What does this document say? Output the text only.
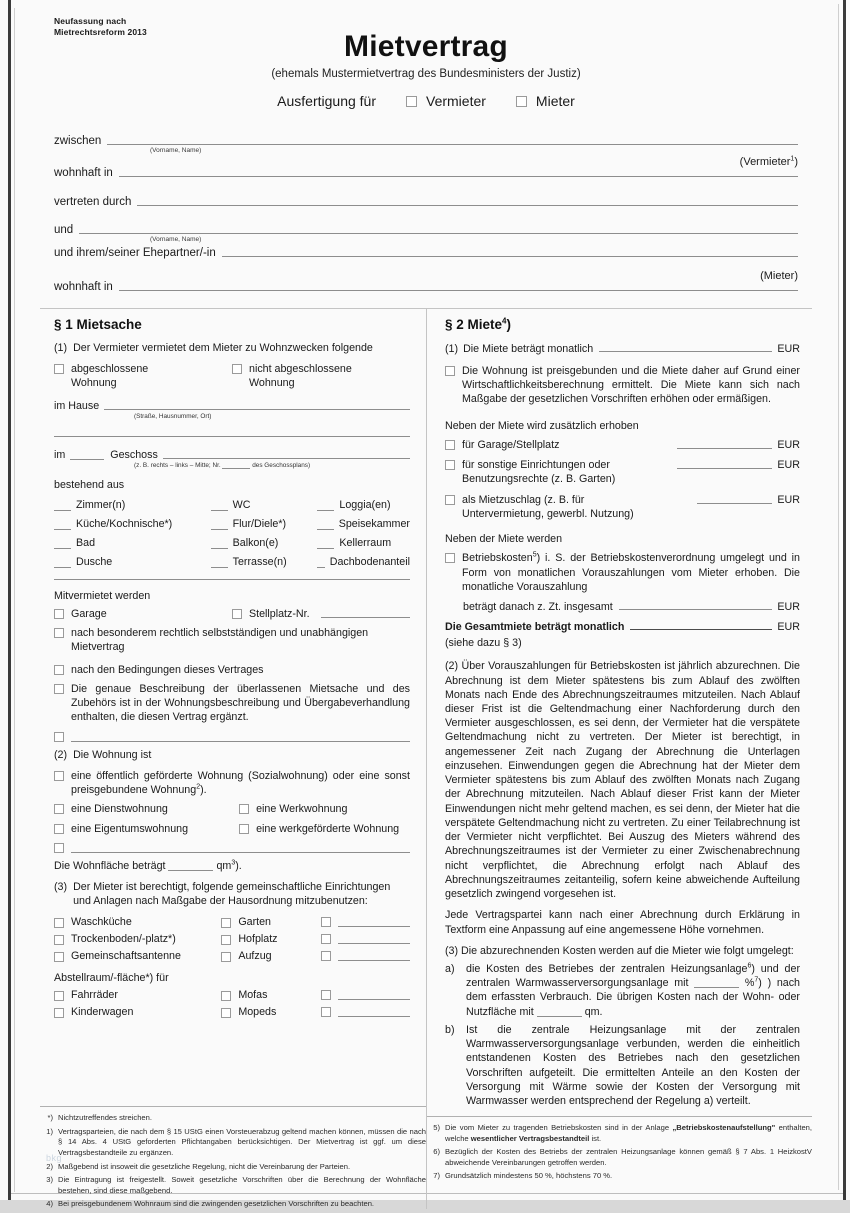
Neufassung nach
Mietrechtsreform 2013	Mietvertrag
(ehemals Mustermietvertrag des Bundesministers der Justiz)
Ausfertigung für	Vermieter	Mieter
zwischen
(Vorname, Name)
(Vermieter$^1$)
wohnhaft in
vertreten durch
und
(Vorname, Name)
und ihrem/seiner Ehepartner/-in
(Mieter)
wohnhaft in
§ 1 Mietsache
(1) Der Vermieter vermietet dem Mieter zu Wohnzwecken folgende
abgeschlossene
Wohnung
nicht abgeschlossene
Wohnung
im Hause
(Straße, Hausnummer, Ort)
im	Geschoss
(z. B. rechts – links – Mitte; Nr.	des Geschossplans)
bestehend aus
Zimmer(n)	WC	Loggia(en)
Küche/Kochnische*)	Flur/Diele*)	Speisekammer
Bad	Balkon(e)	Kellerraum
Dusche	Terrasse(n)	Dachbodenanteil
Mitvermietet werden
Garage	Stellplatz-Nr.
nach besonderem rechtlich selbstständigen und unabhängigen Mietvertrag
nach den Bedingungen dieses Vertrages
Die genaue Beschreibung der überlassenen Mietsache und des Zubehörs ist in der Wohnungsbeschreibung und Übergabeverhandlung enthalten, die diesen Vertrag ergänzt.
(2) Die Wohnung ist
eine öffentlich geförderte Wohnung (Sozialwohnung) oder eine sonst preisgebundene Wohnung$^2$).
eine Dienstwohnung	eine Werkwohnung
eine Eigentumswohnung	eine werkgeförderte Wohnung
Die Wohnfläche beträgt	$qm^3$).
(3) Der Mieter ist berechtigt, folgende gemeinschaftliche Einrichtungen und Anlagen nach Maßgabe der Hausordnung mitzubenutzen:
Waschküche	Garten
Trockenboden/-platz*)	Hofplatz
Gemeinschaftsantenne	Aufzug
Abstellraum/-fläche*) für
Fahrräder	Mofas
Kinderwagen	Mopeds
*) Nichtzutreffendes streichen.
1) Vertragsparteien, die nach dem § 15 UStG einen Vorsteuerabzug geltend machen können, müssen die nach § 14 Abs. 4 UStG geforderten Pflichtangaben berücksichtigen. Der Mietvertrag ist ggf. um diese Vertragsbestandteile zu ergänzen.
2) Maßgebend ist insoweit die gesetzliche Regelung, nicht die Vereinbarung der Parteien.
3) Die Eintragung ist freigestellt. Soweit gesetzliche Vorschriften über die Berechnung der Wohnfläche bestehen, sind diese maßgebend.
4) Bei preisgebundenem Wohnraum sind die zwingenden gesetzlichen Vorschriften zu beachten.
bkg
§ 2 Miete$^4$)
(1) Die Miete beträgt monatlich	EUR
Die Wohnung ist preisgebunden und die Miete daher auf Grund einer Wirtschaftlichkeitsberechnung ermittelt. Die Miete kann sich nach Maßgabe der gesetzlichen Vorschriften erhöhen oder ermäßigen.
Neben der Miete wird zusätzlich erhoben
für Garage/Stellplatz	EUR
für sonstige Einrichtungen oder
Benutzungsrechte (z. B. Garten)
EUR
als Mietzuschlag (z. B. für
Untervermietung, gewerbl. Nutzung)
EUR
Neben der Miete werden
Betriebskosten$^5$) i. S. der Betriebskostenverordnung umgelegt und in Form von monatlichen Vorauszahlungen vom Mieter erhoben. Die monatliche Vorauszahlung
beträgt danach z. Zt. insgesamt	EUR
Die Gesamtmiete beträgt monatlich	EUR
(siehe dazu § 3)
(2) Über Vorauszahlungen für Betriebskosten ist jährlich abzurechnen. Die Abrechnung ist dem Mieter spätestens bis zum Ablauf des zwölften Monats nach Ende des Abrechnungszeitraumes mitzuteilen. Nach Ablauf dieser Frist ist die Geltendmachung einer Nachforderung durch den Vermieter ausgeschlossen, es sei denn, der Vermieter hat die verspätete Geltendmachung nicht zu vertreten. Der Mieter ist berechtigt, in angemessener Zeit nach Zugang der Abrechnung die Unterlagen einzusehen. Einwendungen gegen die Abrechnung hat der Mieter dem Vermieter spätestens bis zum Ablauf des zwölften Monats nach Zugang der Abrechnung mitzuteilen. Nach Ablauf dieser Frist kann der Mieter Einwendungen nicht mehr geltend machen, es sei denn, der Mieter hat die verspätete Geltendmachung nicht zu vertreten. Zu einer Teilabrechnung ist der Vermieter nicht verpflichtet. Bei Auszug des Mieters während des Abrechnungszeitraumes ist der Vermieter zu einer Zwischenabrechnung nicht verpflichtet, die Abrechnung erfolgt nach Ablauf des Abrechnungszeitraumes zeitanteilig, sofern keine abweichende Aufteilung gesetzlich zwingend vorgesehen ist.
Jede Vertragspartei kann nach einer Abrechnung durch Erklärung in Textform eine Anpassung auf eine angemessene Höhe vornehmen.
(3) Die abzurechnenden Kosten werden auf die Mieter wie folgt umgelegt:
a)	die Kosten des Betriebes der zentralen Heizungsanlage$^6$) und der zentralen Warmwasserversorgungsanlage mit	%$^7$) ) nach dem erfassten Verbrauch. Die übrigen Kosten nach der Wohn- oder Nutzfläche mit	qm.
b)	Ist die zentrale Heizungsanlage mit der zentralen Warmwasserversorgungsanlage verbunden, werden die einheitlich entstandenen Kosten des Betriebes nach den gesetzlichen Vorschriften aufgeteilt. Die ermittelten Anteile an den Kosten der Versorgung mit Wärme sowie der Kosten der Versorgung mit Warmwasser werden entsprechend der Regelung a) verteilt.
5) Die vom Mieter zu tragenden Betriebskosten sind in der Anlage „Betriebskostenaufstellung" enthalten, welche wesentlicher Vertragsbestandteil ist.
6) Bezüglich der Kosten des Betriebs der zentralen Heizungsanlage können gemäß § 7 Abs. 1 HeizkostV abweichende Vereinbarungen getroffen werden.
7) Grundsätzlich mindestens 50 %, höchstens 70 %.
